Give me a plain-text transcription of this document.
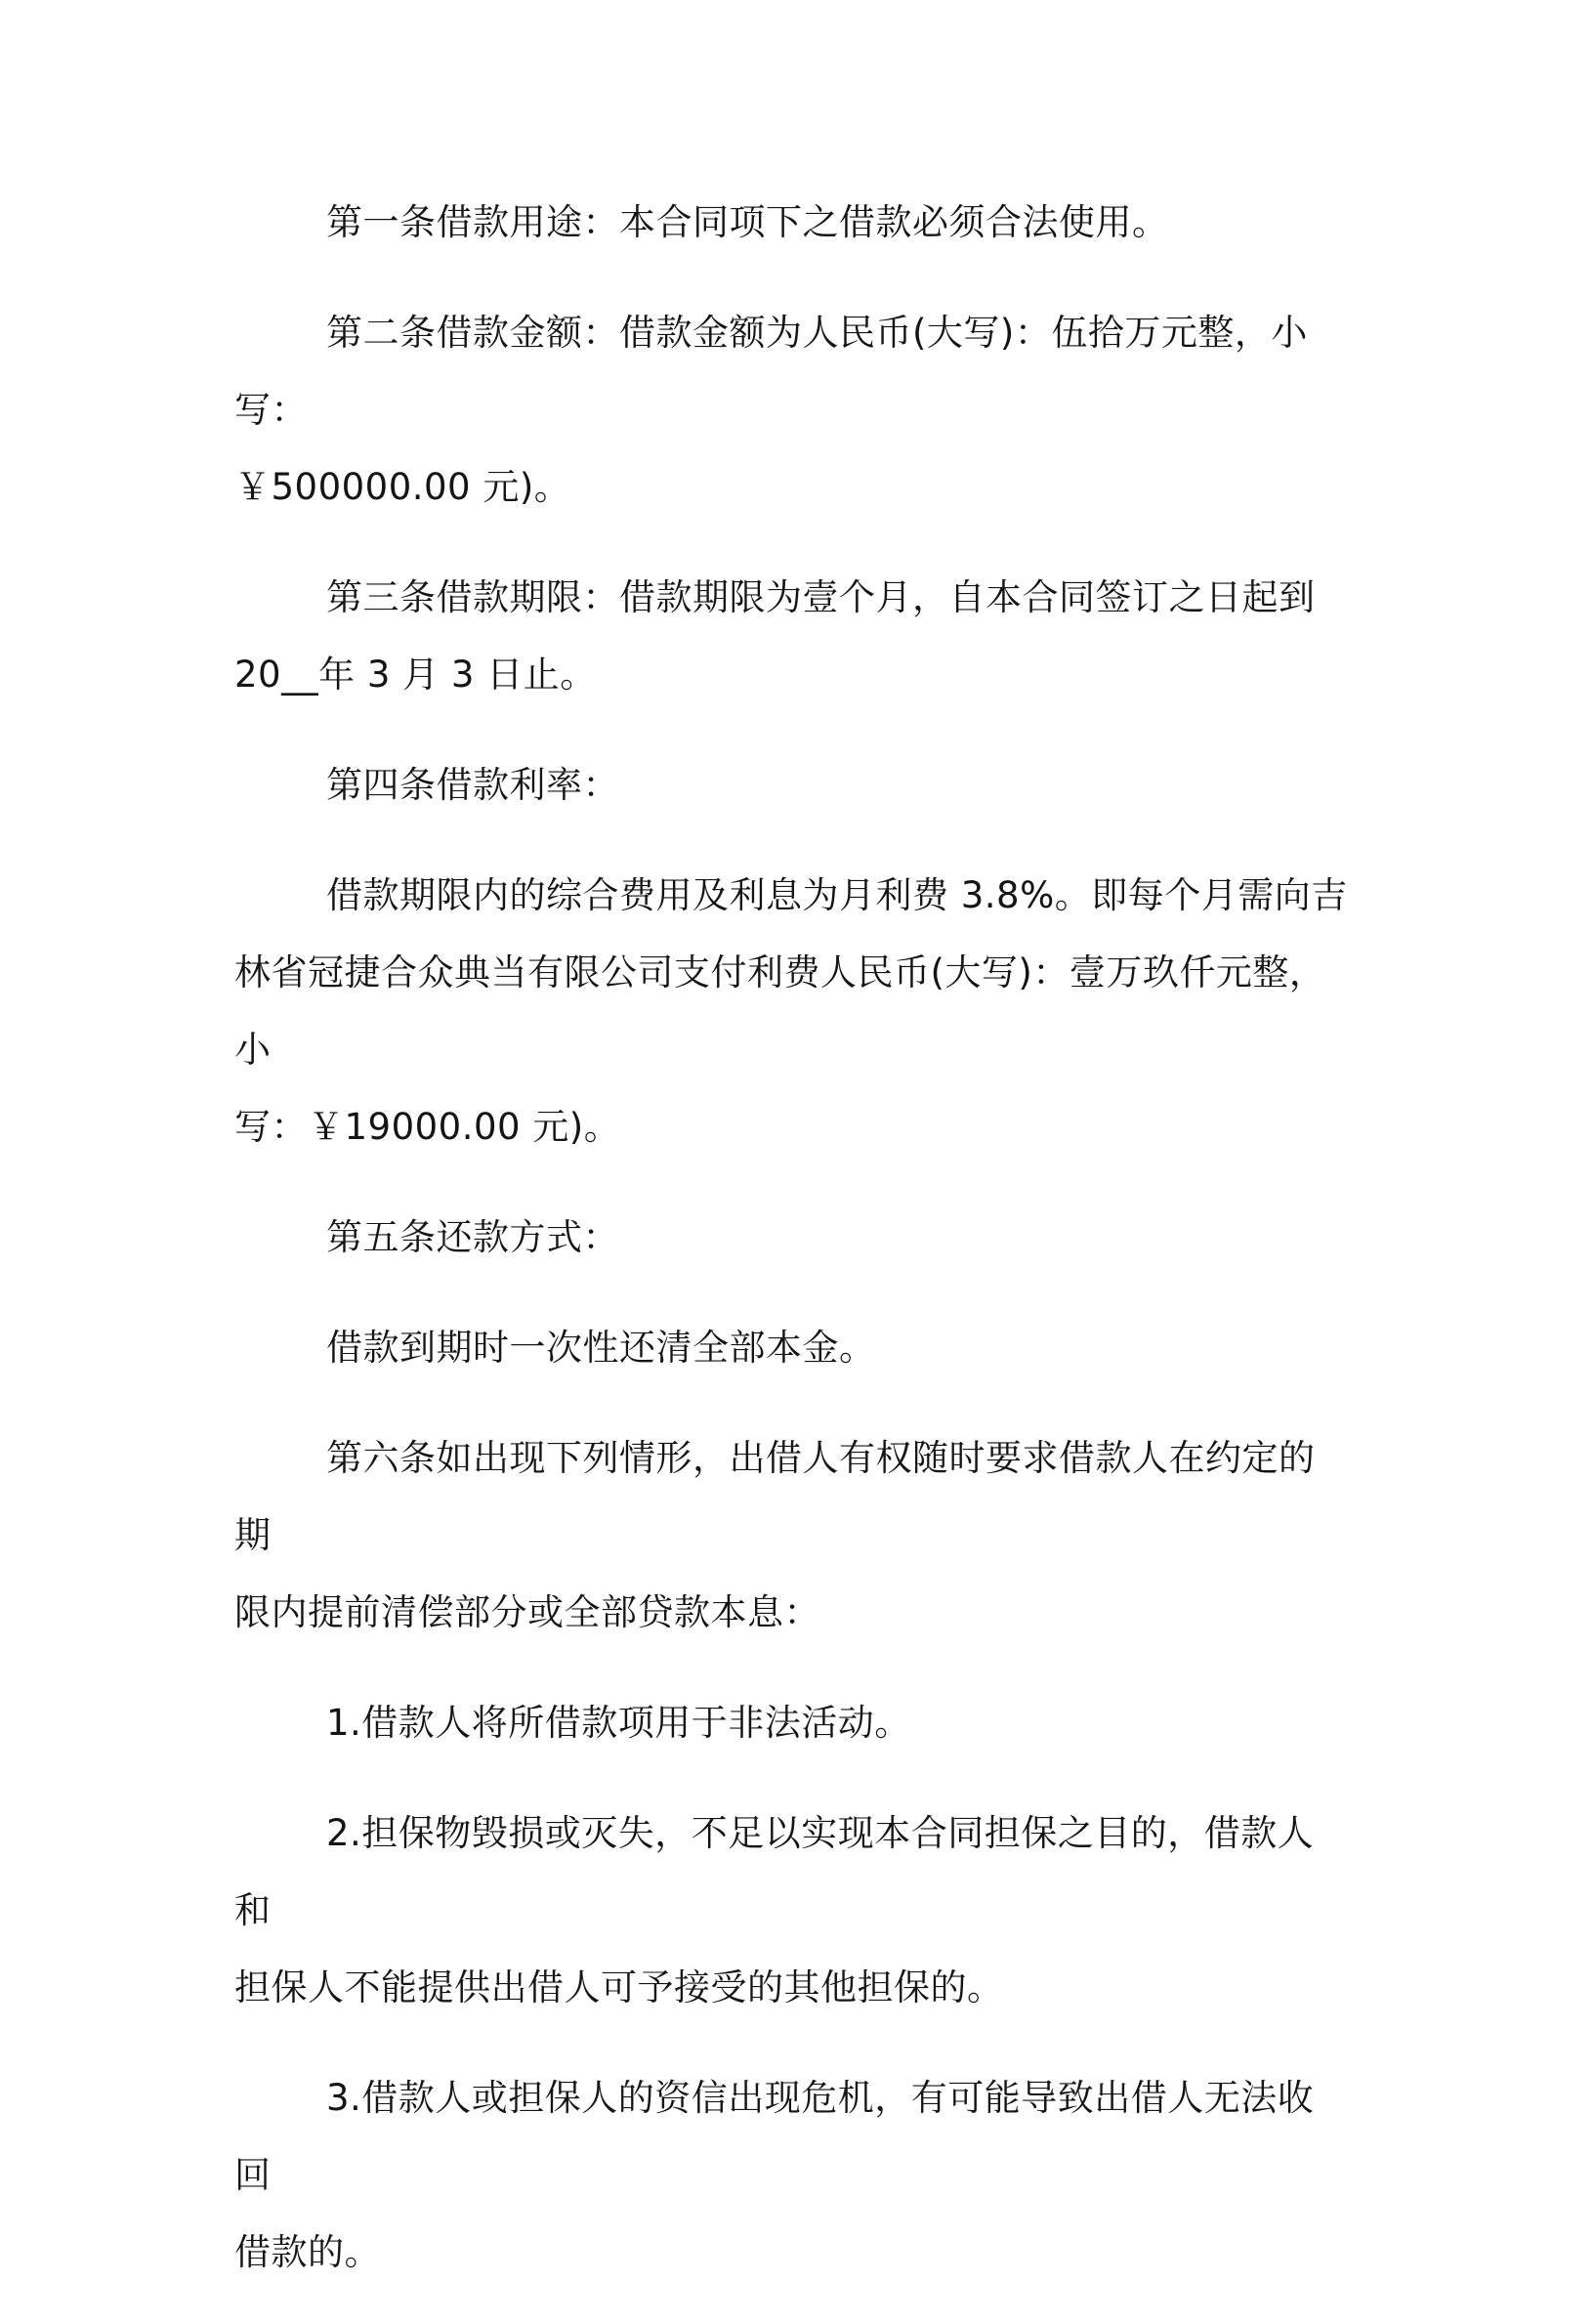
第一条借款用途：本合同项下之借款必须合法使用。

第二条借款金额：借款金额为人民币(大写)：伍拾万元整，小写：
￥500000.00 元)。

第三条借款期限：借款期限为壹个月，自本合同签订之日起到
20__年 3 月 3 日止。

第四条借款利率：

借款期限内的综合费用及利息为月利费 3.8%。即每个月需向吉
林省冠捷合众典当有限公司支付利费人民币(大写)：壹万玖仟元整，小
写：￥19000.00 元)。

第五条还款方式：

借款到期时一次性还清全部本金。

第六条如出现下列情形，出借人有权随时要求借款人在约定的期
限内提前清偿部分或全部贷款本息：

1.借款人将所借款项用于非法活动。

2.担保物毁损或灭失，不足以实现本合同担保之目的，借款人和
担保人不能提供出借人可予接受的其他担保的。

3.借款人或担保人的资信出现危机，有可能导致出借人无法收回
借款的。
